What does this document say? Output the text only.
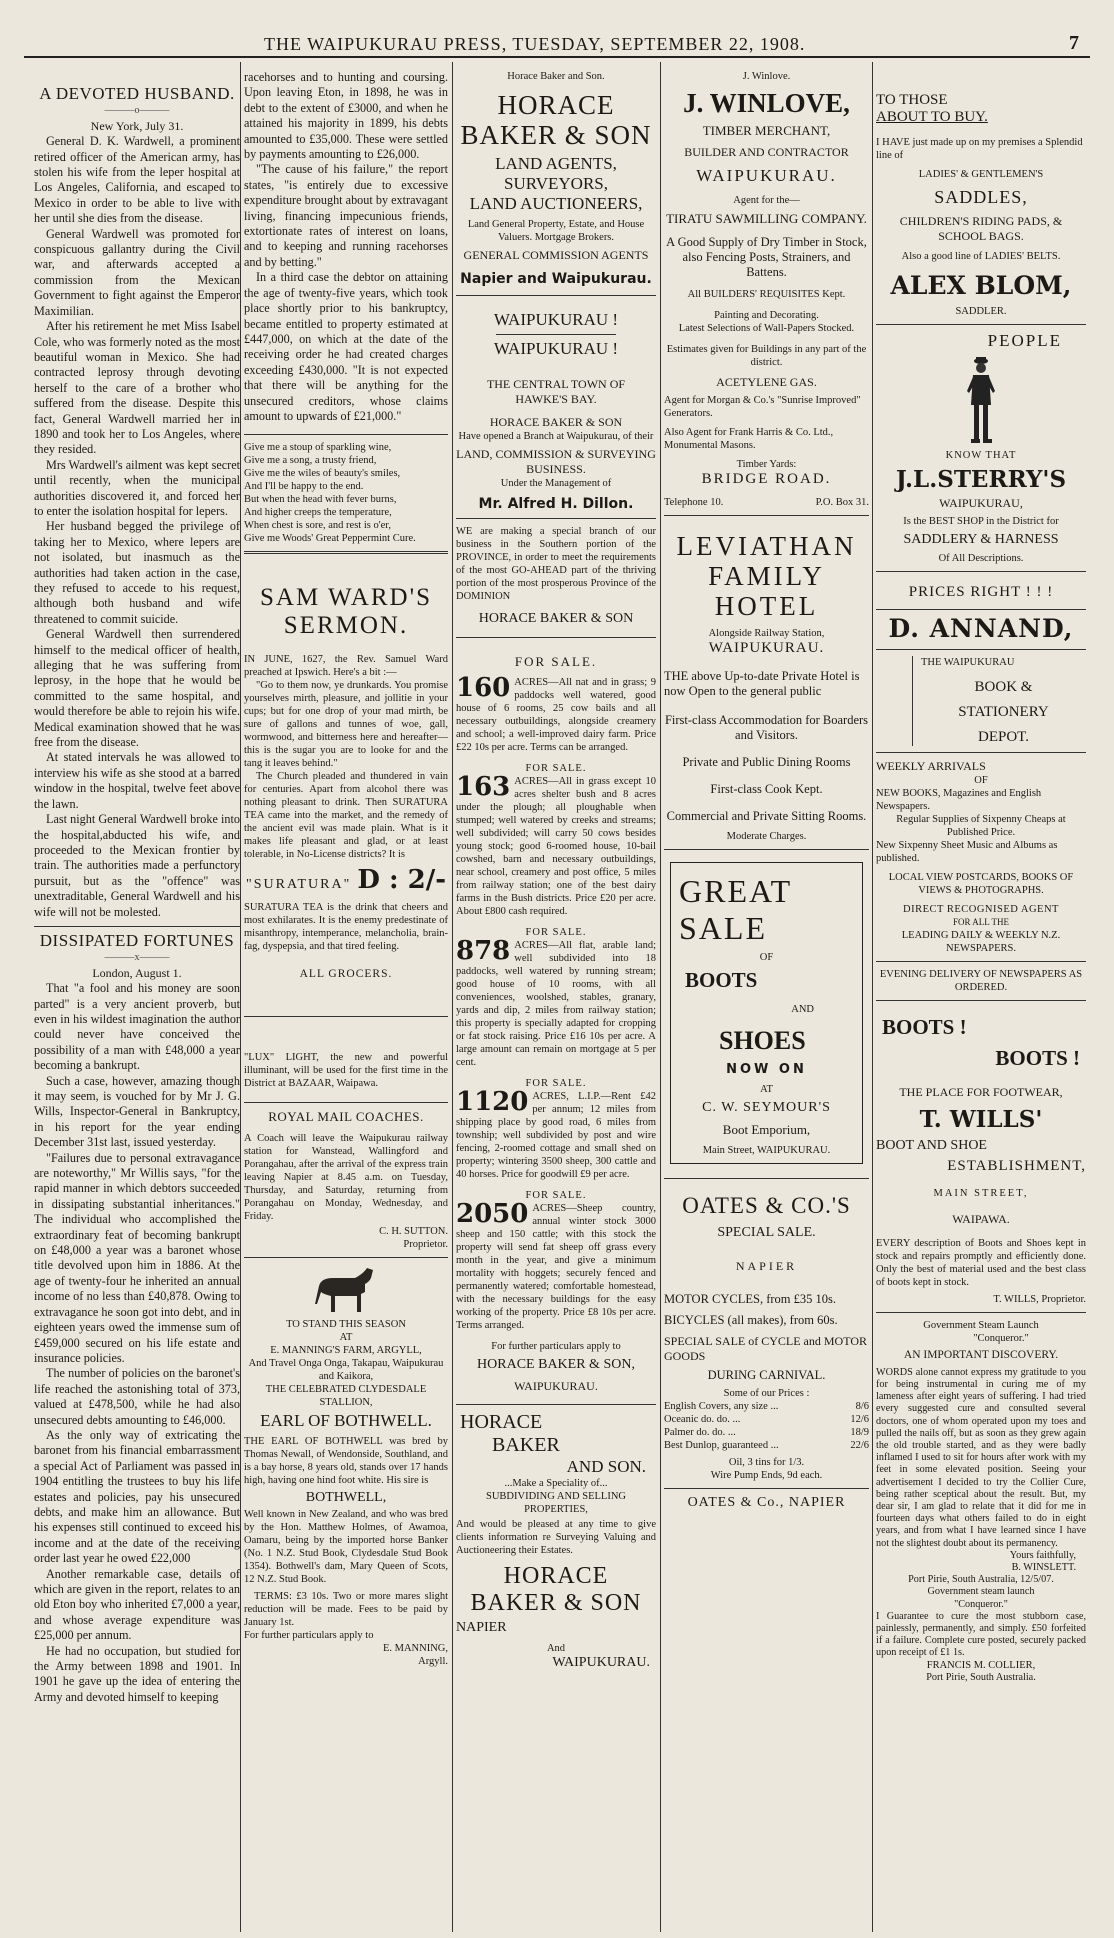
THE WAIPUKURAU PRESS, TUESDAY, SEPTEMBER 22, 1908.	7
A DEVOTED HUSBAND.
———o———
New York, July 31.

General D. K. Wardwell, a prominent retired officer of the American army, has stolen his wife from the leper hospital at Los Angeles, California, and escaped to Mexico in order to be able to live with her until she dies from the disease.

General Wardwell was promoted for conspicuous gallantry during the Civil war, and afterwards accepted a commission from the Mexican Government to fight against the Emperor Maximilian.

After his retirement he met Miss Isabel Cole, who was formerly noted as the most beautiful woman in Mexico. She had contracted leprosy through devoting herself to the care of a brother who suffered from the disease. Despite this fact, General Wardwell married her in 1890 and took her to Los Angeles, where they resided.

Mrs Wardwell's ailment was kept secret until recently, when the municipal authorities discovered it, and forced her to enter the isolation hospital for lepers.

Her husband begged the privilege of taking her to Mexico, where lepers are not isolated, but inasmuch as the authorities had taken action in the case, they refused to accede to his request, although both husband and wife threatened to commit suicide.

General Wardwell then surrendered himself to the medical officer of health, alleging that he was suffering from leprosy, in the hope that he would be committed to the same hospital, and would therefore be able to rejoin his wife. Medical examination showed that he was free from the disease.

At stated intervals he was allowed to interview his wife as she stood at a barred window in the hospital, twelve feet above the lawn.

Last night General Wardwell broke into the hospital,abducted his wife, and proceeded to the Mexican frontier by train. The authorities made a perfunctory pursuit, but as the "offence" was unextraditable, General Wardwell and his wife will not be molested.

DISSIPATED FORTUNES
———x———
London, August 1.

That "a fool and his money are soon parted" is a very ancient proverb, but even in his wildest imagination the author could never have conceived the possibility of a man with £48,000 a year becoming a bankrupt.

Such a case, however, amazing though it may seem, is vouched for by Mr J. G. Wills, Inspector-General in Bankruptcy, in his report for the year ending December 31st last, issued yesterday.

"Failures due to personal extravagance are noteworthy," Mr Willis says, "for the rapid manner in which debtors succeeded in dissipating substantial inheritances." The individual who accomplished the extraordinary feat of becoming bankrupt on £48,000 a year was a baronet whose title devolved upon him in 1886. At the age of twenty-four he inherited an annual income of no less than £40,878. Owing to extravagance he soon got into debt, and in eighteen years owed the immense sum of £459,000 secured on his life estate and insurance policies.

The number of policies on the baronet's life reached the astonishing total of 373, valued at £478,500, while he had also unsecured debts amounting to £46,000.

As the only way of extricating the baronet from his financial embarrassment a special Act of Parliament was passed in 1904 entitling the trustees to buy his life estates and policies, pay his unsecured debts, and make him an allowance. But his expenses still continued to exceed his income and at the date of the receiving order last year he owed £22,000

Another remarkable case, details of which are given in the report, relates to an old Eton boy who inherited £7,000 a year, and whose average expenditure was £25,000 per annum.

He had no occupation, but studied for the Army between 1898 and 1901. In 1901 he gave up the idea of entering the Army and devoted himself to keeping

racehorses and to hunting and coursing. Upon leaving Eton, in 1898, he was in debt to the extent of £3000, and when he attained his majority in 1899, his debts amounted to £35,000. These were settled by payments amounting to £26,000.

"The cause of his failure," the report states, "is entirely due to excessive expenditure brought about by extravagant living, financing impecunious friends, extortionate rates of interest on loans, and to keeping and running racehorses and by betting."

In a third case the debtor on attaining the age of twenty-five years, which took place shortly prior to his bankruptcy, became entitled to property estimated at £447,000, on which at the date of the receiving order he had created charges exceeding £430,000. "It is not expected that there will be anything for the unsecured creditors, whose claims amount to upwards of £21,000."

Give me a stoup of sparkling wine,
Give me a song, a trusty friend,
Give me the wiles of beauty's smiles,
And I'll be happy to the end.
But when the head with fever burns,
And higher creeps the temperature,
When chest is sore, and rest is o'er,
Give me Woods' Great Peppermint Cure.
SAM WARD'S
SERMON.

IN JUNE, 1627, the Rev. Samuel Ward preached at Ipswich. Here's a bit :—

"Go to them now, ye drunkards. You promise yourselves mirth, pleasure, and jollitie in your cups; but for one drop of your mad mirth, be sure of gallons and tunnes of woe, gall, wormwood, and bitterness here and hereafter—this is the sugar you are to looke for and the tang it leaves behind."

The Church pleaded and thundered in vain for centuries. Apart from alcohol there was nothing pleasant to drink. Then SURATURA TEA came into the market, and the remedy of the ancient evil was made plain. What is it makes life pleasant and glad, or at least tolerable, in No-License districts? It is

"SURATURA" D : 2/-
SURATURA TEA is the drink that cheers and most exhilarates. It is the enemy predestinate of misanthropy, intemperance, melancholia, brain-fag, dyspepsia, and that tired feeling.
ALL GROCERS.
"LUX" LIGHT, the new and powerful illuminant, will be used for the first time in the District at BAZAAR, Waipawa.
ROYAL MAIL COACHES.
A Coach will leave the Waipukurau railway station for Wanstead, Wallingford and Porangahau, after the arrival of the express train leaving Napier at 8.45 a.m. on Tuesday, Thursday, and Saturday, returning from Porangahau on Monday, Wednesday, and Friday.
C. H. SUTTON.
Proprietor.
TO STAND THIS SEASON
AT
E. MANNING'S FARM, ARGYLL,
And Travel Onga Onga, Takapau, Waipukurau and Kaikora,
THE CELEBRATED CLYDESDALE STALLION,
EARL OF BOTHWELL.
THE EARL OF BOTHWELL was bred by Thomas Newall, of Wendonside, Southland, and is a bay horse, 8 years old, stands over 17 hands high, having one hind foot white. His sire is
BOTHWELL,
Well known in New Zealand, and who was bred by the Hon. Matthew Holmes, of Awamoa, Oamaru, being by the imported horse Banker (No. 1 N.Z. Stud Book, Clydesdale Stud Book 1354). Bothwell's dam, Mary Queen of Scots, 12 N.Z. Stud Book.
TERMS: £3 10s. Two or more mares slight reduction will be made. Fees to be paid by January 1st.
For further particulars apply to
E. MANNING,
Argyll.
Horace Baker and Son.
HORACE
BAKER & SON
LAND AGENTS,
SURVEYORS,
LAND AUCTIONEERS,
Land General Property, Estate, and House Valuers. Mortgage Brokers.
GENERAL COMMISSION AGENTS
Napier and Waipukurau.
WAIPUKURAU !
WAIPUKURAU !
THE CENTRAL TOWN OF
HAWKE'S BAY.
HORACE BAKER & SON
Have opened a Branch at Waipukurau, of their
LAND, COMMISSION & SURVEYING BUSINESS.
Under the Management of
Mr. Alfred H. Dillon.
WE are making a special branch of our business in the Southern portion of the PROVINCE, in order to meet the requirements of the most GO-AHEAD part of the thriving portion of the most prosperous Province of the DOMINION
HORACE BAKER & SON
FOR SALE.
160 ACRES—All nat and in grass; 9 paddocks well watered, good house of 6 rooms, 25 cow bails and all necessary outbuildings, alongside creamery and school; a well-improved dairy farm. Price £22 10s per acre. Terms can be arranged.
FOR SALE.
163 ACRES—All in grass except 10 acres shelter bush and 8 acres under the plough; all ploughable when stumped; well watered by creeks and streams; well subdivided; will carry 50 cows besides young stock; good 6-roomed house, 10-bail cowshed, barn and necessary outbuildings, near school, creamery and post office, 5 miles from railway station; one of the best dairy farms in the Bush districts. Price £20 per acre. About £800 cash required.
FOR SALE.
878 ACRES—All flat, arable land; well subdivided into 18 paddocks, well watered by running stream; good house of 10 rooms, with all conveniences, woolshed, stables, granary, yards and dip, 2 miles from railway station; this property is specially adapted for cropping or fat stock raising. Price £16 10s per acre. A large amount can remain on mortgage at 5 per cent.
FOR SALE.
1120 ACRES, L.I.P.—Rent £42 per annum; 12 miles from shipping place by good road, 6 miles from township; well subdivided by post and wire fencing, 2-roomed cottage and small shed on property; wintering 3500 sheep, 300 cattle and 40 horses. Price for goodwill £9 per acre.
FOR SALE.
2050 ACRES—Sheep country, annual winter stock 3000 sheep and 150 cattle; with this stock the property will send fat sheep off grass every month in the year, and give a minimum mortality with hoggets; securely fenced and permanently watered; comfortable homestead, with the necessary buildings for the easy working of the property. Price £8 10s per acre. Terms arranged.
For further particulars apply to
HORACE BAKER & SON,
WAIPUKURAU.
HORACE
BAKER
AND SON.
...Make a Speciality of...
SUBDIVIDING AND SELLING PROPERTIES,
And would be pleased at any time to give clients information re Surveying Valuing and Auctioneering their Estates.
HORACE
BAKER & SON
NAPIER
And
WAIPUKURAU.
J. Winlove.
J. WINLOVE,
TIMBER MERCHANT,
BUILDER AND CONTRACTOR
WAIPUKURAU.
Agent for the—
TIRATU SAWMILLING COMPANY.
A Good Supply of Dry Timber in Stock, also Fencing Posts, Strainers, and Battens.
All BUILDERS' REQUISITES Kept.
Painting and Decorating.
Latest Selections of Wall-Papers Stocked.
Estimates given for Buildings in any part of the district.
ACETYLENE GAS.
Agent for Morgan & Co.'s "Sunrise Improved" Generators.
Also Agent for Frank Harris & Co. Ltd., Monumental Masons.
Timber Yards:
BRIDGE ROAD.
Telephone 10.	P.O. Box 31.
LEVIATHAN
FAMILY
HOTEL
Alongside Railway Station,
WAIPUKURAU.
THE above Up-to-date Private Hotel is now Open to the general public
First-class Accommodation for Boarders and Visitors.
Private and Public Dining Rooms
First-class Cook Kept.
Commercial and Private Sitting Rooms.
Moderate Charges.
GREAT
SALE
OF
BOOTS
AND
SHOES
NOW ON
AT
C. W. SEYMOUR'S
Boot Emporium,
Main Street, WAIPUKURAU.
OATES & CO.'S
SPECIAL SALE.
NAPIER
MOTOR CYCLES, from £35 10s.
BICYCLES (all makes), from 60s.
SPECIAL SALE of CYCLE and MOTOR GOODS
DURING CARNIVAL.
Some of our Prices :
English Covers, any size ...	8/6
Oceanic do. do. ...	12/6
Palmer do. do. ...	18/9
Best Dunlop, guaranteed ...	22/6
Oil, 3 tins for 1/3.
Wire Pump Ends, 9d each.
OATES & Co., NAPIER
TO THOSE
ABOUT TO BUY.
I HAVE just made up on my premises a Splendid line of
LADIES' & GENTLEMEN'S
SADDLES,
CHILDREN'S RIDING PADS, & SCHOOL BAGS.
Also a good line of LADIES' BELTS.
ALEX BLOM,
SADDLER.
PEOPLE
KNOW THAT
J.L.STERRY'S
WAIPUKURAU,
Is the BEST SHOP in the District for
SADDLERY & HARNESS
Of All Descriptions.
PRICES RIGHT ! ! !
D. ANNAND,
THE WAIPUKURAU
BOOK &
STATIONERY
DEPOT.
WEEKLY ARRIVALS
OF
NEW BOOKS, Magazines and English Newspapers.
Regular Supplies of Sixpenny Cheaps at Published Price.
New Sixpenny Sheet Music and Albums as published.
LOCAL VIEW POSTCARDS, BOOKS OF VIEWS & PHOTOGRAPHS.
DIRECT RECOGNISED AGENT
FOR ALL THE
LEADING DAILY & WEEKLY N.Z. NEWSPAPERS.
EVENING DELIVERY OF NEWSPAPERS AS ORDERED.
BOOTS !
BOOTS !
THE PLACE FOR FOOTWEAR,
T. WILLS'
BOOT AND SHOE
ESTABLISHMENT,
MAIN STREET,
WAIPAWA.
EVERY description of Boots and Shoes kept in stock and repairs promptly and efficiently done. Only the best of material used and the best class of boots kept in stock.
T. WILLS, Proprietor.
Government Steam Launch
"Conqueror."
AN IMPORTANT DISCOVERY.
WORDS alone cannot express my gratitude to you for being instrumental in curing me of my lameness after eight years of suffering. I had tried every suggested cure and consulted several doctors, one of whom operated upon my toes and pulled the nails off, but as soon as they grew again the old trouble started, and as they were badly inflamed I used to sit for hours after work with my feet in some elevated position. Seeing your advertisement I decided to try the Collier Cure, being rather sceptical about the result. But, my dear sir, I am glad to relate that it did for me in fourteen days what others failed to do in eight years, and from what I have learned since I have not the slightest doubt about its permanency.
Yours faithfully,
B. WINSLETT.
Port Pirie, South Australia, 12/5/07.
Government steam launch
"Conqueror."
I Guarantee to cure the most stubborn case, painlessly, permanently, and simply. £50 forfeited if a failure. Complete cure posted, securely packed upon receipt of £1 1s.
FRANCIS M. COLLIER,
Port Pirie, South Australia.
